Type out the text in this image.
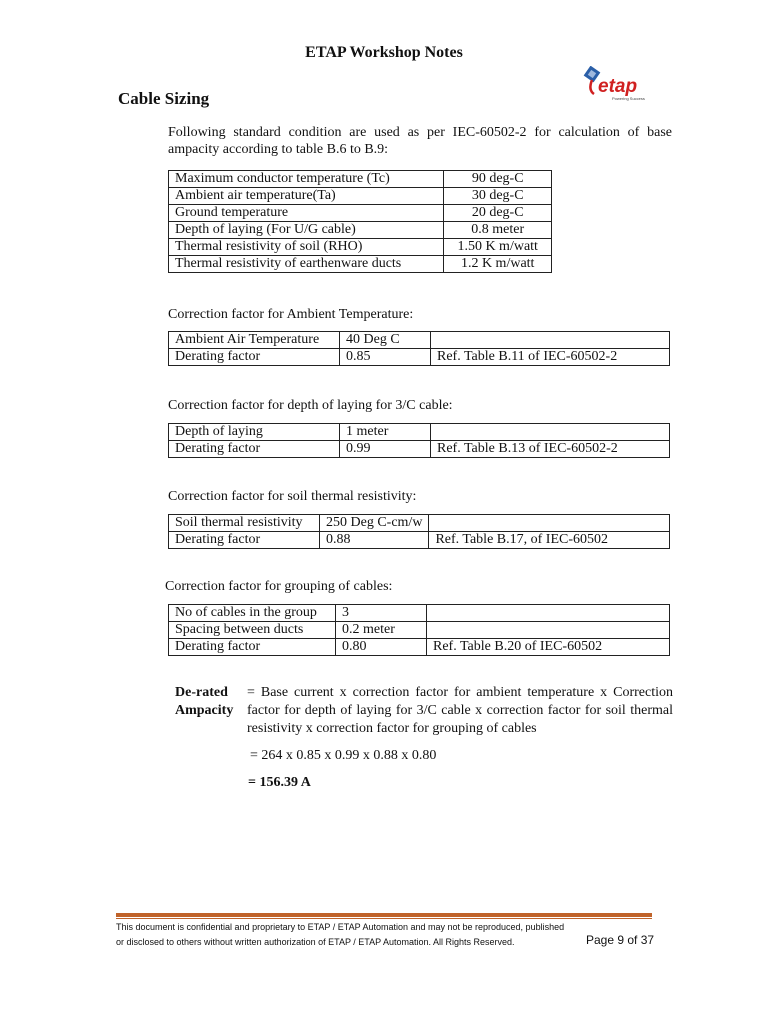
ETAP Workshop Notes
Cable Sizing
etap
Powering Success
Following standard condition are used as per IEC-60502-2 for calculation of base ampacity according to table B.6 to B.9:
Maximum conductor temperature (Tc)	90 deg-C
Ambient air temperature(Ta)	30 deg-C
Ground temperature	20 deg-C
Depth of laying (For U/G cable)	0.8 meter
Thermal resistivity of soil (RHO)	1.50 K m/watt
Thermal resistivity of earthenware ducts	1.2 K m/watt
Correction factor for Ambient Temperature:
Ambient Air Temperature	40 Deg C	
Derating factor	0.85	Ref. Table B.11 of IEC-60502-2
Correction factor for depth of laying for 3/C cable:
Depth of laying	1 meter	
Derating factor	0.99	Ref. Table B.13 of IEC-60502-2
Correction factor for soil thermal resistivity:
Soil thermal resistivity	250 Deg C-cm/w	
Derating factor	0.88	Ref. Table B.17, of IEC-60502
Correction factor for grouping of cables:
No of cables in the group	3	
Spacing between ducts	0.2 meter	
Derating factor	0.80	Ref. Table B.20 of IEC-60502
De-rated
Ampacity
= Base current x correction factor for ambient temperature x Correction factor for depth of laying for 3/C cable x correction factor for soil thermal resistivity x correction factor for grouping of cables
= 264 x 0.85 x 0.99 x 0.88 x 0.80
= 156.39 A
This document is confidential and proprietary to ETAP / ETAP Automation and may not be reproduced, published
or disclosed to others without written authorization of ETAP / ETAP Automation. All Rights Reserved.	Page 9 of 37
